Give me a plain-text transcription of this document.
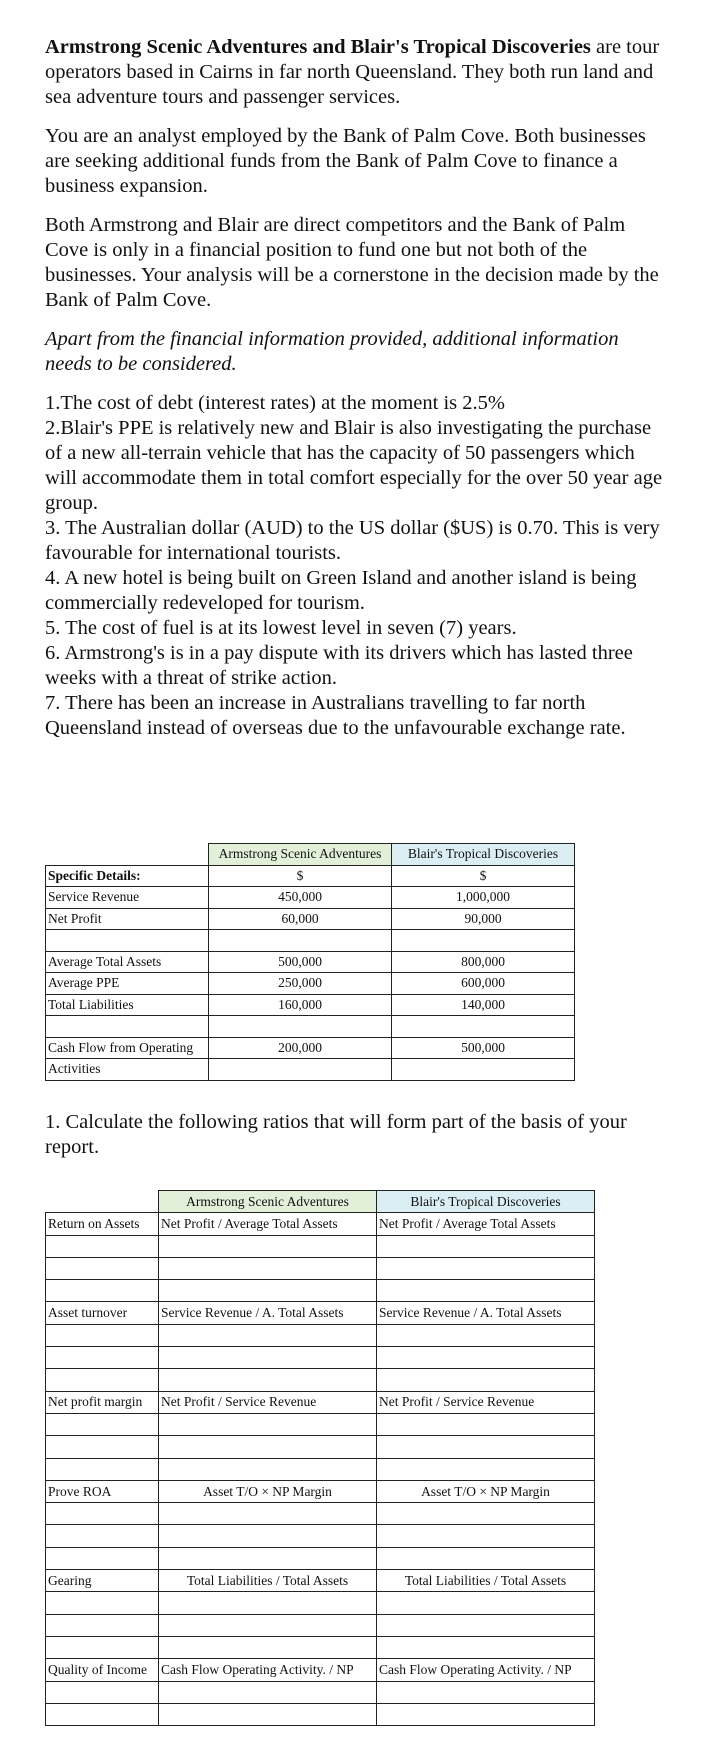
Armstrong Scenic Adventures and Blair's Tropical Discoveries are tour operators based in Cairns in far north Queensland. They both run land and sea adventure tours and passenger services.

You are an analyst employed by the Bank of Palm Cove. Both businesses are seeking additional funds from the Bank of Palm Cove to finance a business expansion.

Both Armstrong and Blair are direct competitors and the Bank of Palm Cove is only in a financial position to fund one but not both of the businesses. Your analysis will be a cornerstone in the decision made by the Bank of Palm Cove.

Apart from the financial information provided, additional information needs to be considered.

1.The cost of debt (interest rates) at the moment is 2.5%
2.Blair's PPE is relatively new and Blair is also investigating the purchase of a new all-terrain vehicle that has the capacity of 50 passengers which will accommodate them in total comfort especially for the over 50 year age group.
3. The Australian dollar (AUD) to the US dollar ($US) is 0.70. This is very favourable for international tourists.
4. A new hotel is being built on Green Island and another island is being commercially redeveloped for tourism.
5. The cost of fuel is at its lowest level in seven (7) years.
6. Armstrong's is in a pay dispute with its drivers which has lasted three weeks with a threat of strike action.
7. There has been an increase in Australians travelling to far north Queensland instead of overseas due to the unfavourable exchange rate.
	Armstrong Scenic Adventures	Blair's Tropical Discoveries
Specific Details:	$	$
Service Revenue	450,000	1,000,000
Net Profit	60,000	90,000

Average Total Assets	500,000	800,000
Average PPE	250,000	600,000
Total Liabilities	160,000	140,000

Cash Flow from Operating	200,000	500,000
Activities		

1. Calculate the following ratios that will form part of the basis of your report.

	Armstrong Scenic Adventures	Blair's Tropical Discoveries
Return on Assets	Net Profit / Average Total Assets	Net Profit / Average Total Assets

Asset turnover	Service Revenue / A. Total Assets	Service Revenue / A. Total Assets

Net profit margin	Net Profit / Service Revenue	Net Profit / Service Revenue

Prove ROA	Asset T/O × NP Margin	Asset T/O × NP Margin

Gearing	Total Liabilities / Total Assets	Total Liabilities / Total Assets

Quality of Income	Cash Flow Operating Activity. / NP	Cash Flow Operating Activity. / NP
